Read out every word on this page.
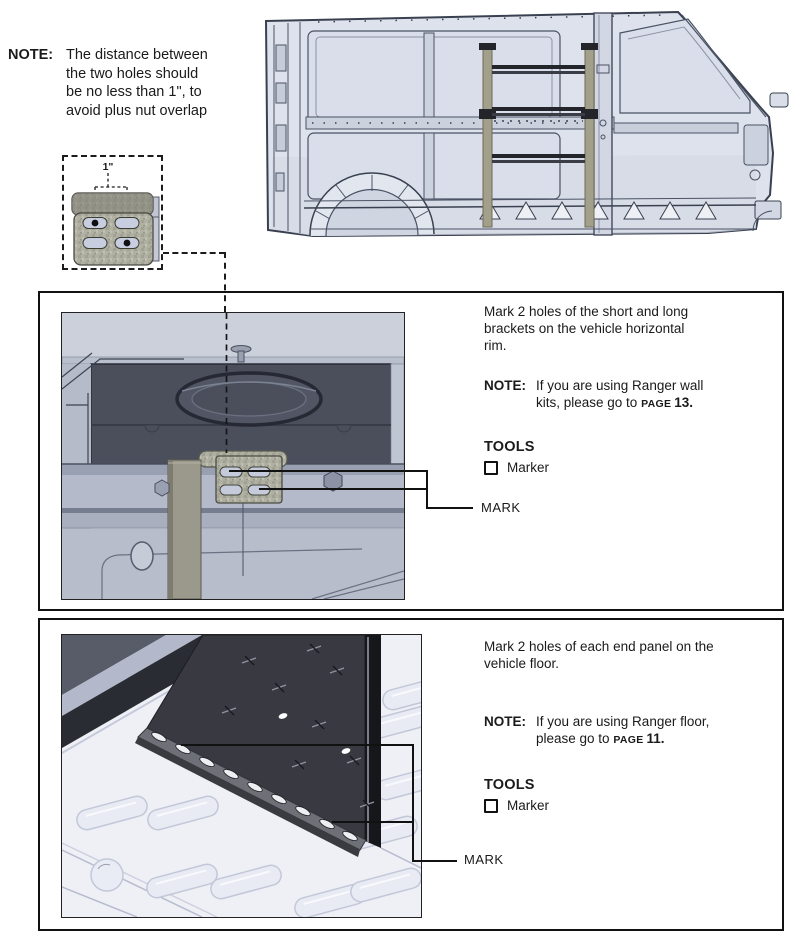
NOTE: The distance between
the two holes should
be no less than 1", to
avoid plus nut overlap
1"
Mark 2 holes of the short and long
brackets on the vehicle horizontal
rim.
NOTE: If you are using Ranger wall
kits, please go to PAGE 13.
TOOLS
Marker
MARK
Mark 2 holes of each end panel on the
vehicle floor.
NOTE: If you are using Ranger floor,
please go to PAGE 11.
TOOLS
Marker
MARK
